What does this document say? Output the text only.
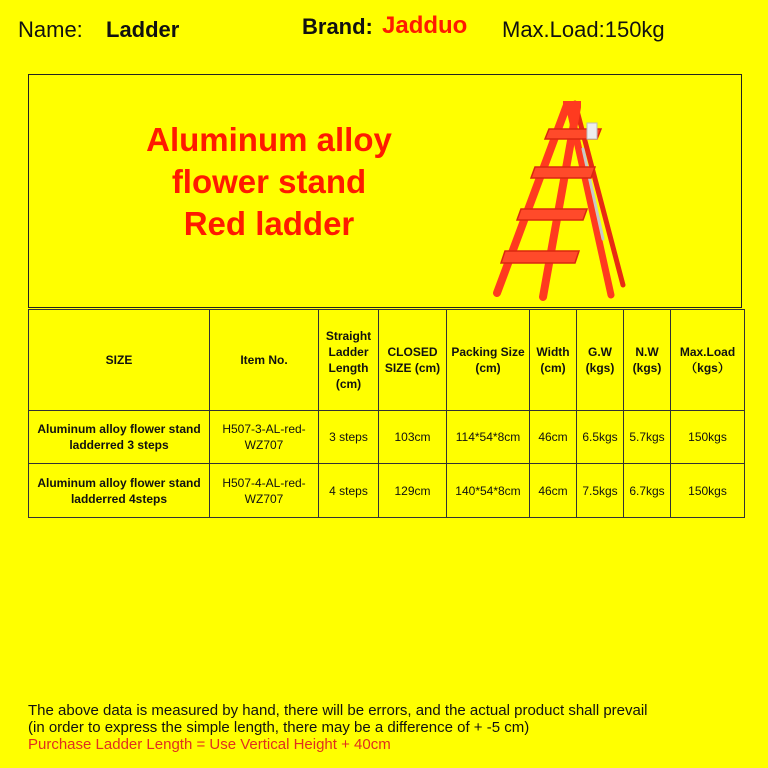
Name: Ladder	Brand: Jadduo Max.Load:150kg
Aluminum alloy
flower stand
Red ladder
SIZE	Item No.	Straight Ladder Length (cm)	CLOSED SIZE (cm)	Packing Size (cm)	Width (cm)	G.W (kgs)	N.W (kgs)	Max.Load （kgs）
Aluminum alloy flower stand ladderred 3 steps	H507-3-AL-red-WZ707	3 steps	103cm	114*54*8cm	46cm	6.5kgs	5.7kgs	150kgs
Aluminum alloy flower stand ladderred 4steps	H507-4-AL-red-WZ707	4 steps	129cm	140*54*8cm	46cm	7.5kgs	6.7kgs	150kgs
The above data is measured by hand, there will be errors, and the actual product shall prevail
(in order to express the simple length, there may be a difference of + -5 cm)
Purchase Ladder Length = Use Vertical Height + 40cm
